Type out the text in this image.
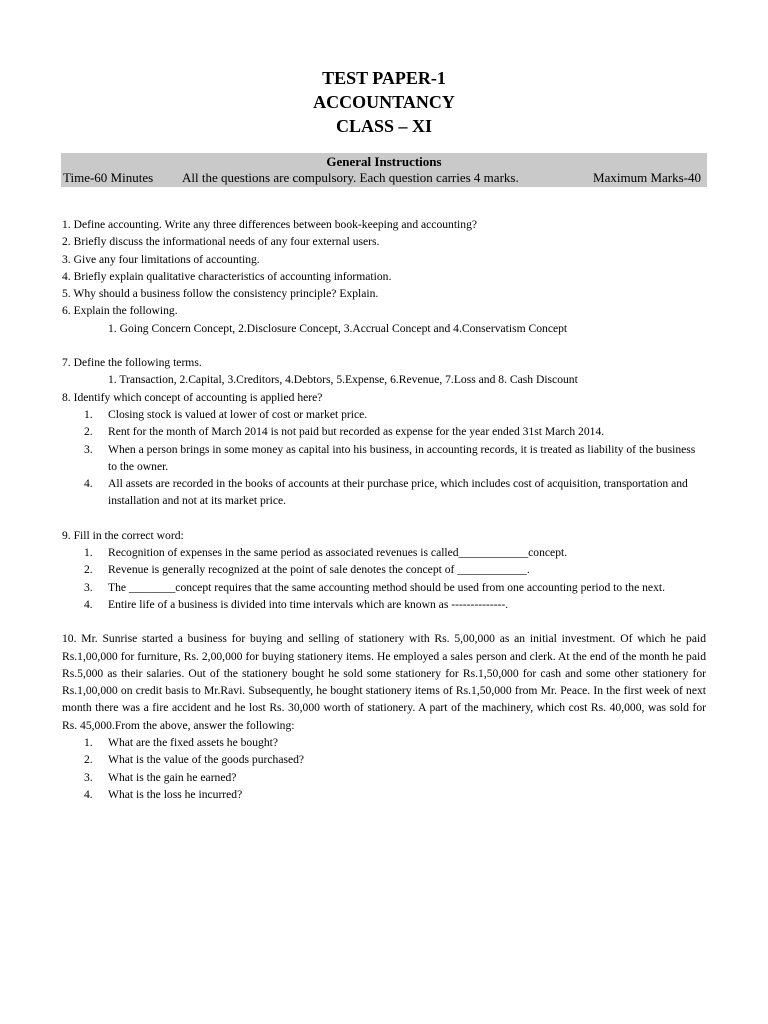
TEST PAPER-1
ACCOUNTANCY
CLASS – XI
General Instructions
Time-60 Minutes All the questions are compulsory. Each question carries 4 marks.	Maximum Marks-40
1. Define accounting. Write any three differences between book-keeping and accounting?
2. Briefly discuss the informational needs of any four external users.
3. Give any four limitations of accounting.
4. Briefly explain qualitative characteristics of accounting information.
5. Why should a business follow the consistency principle? Explain.
6. Explain the following.
1. Going Concern Concept, 2.Disclosure Concept, 3.Accrual Concept and 4.Conservatism Concept
7. Define the following terms.
1. Transaction, 2.Capital, 3.Creditors, 4.Debtors, 5.Expense, 6.Revenue, 7.Loss and 8. Cash Discount
8. Identify which concept of accounting is applied here?
1. Closing stock is valued at lower of cost or market price.
2. Rent for the month of March 2014 is not paid but recorded as expense for the year ended 31st March 2014.
3. When a person brings in some money as capital into his business, in accounting records, it is treated as liability of the business to the owner.
4. All assets are recorded in the books of accounts at their purchase price, which includes cost of acquisition, transportation and installation and not at its market price.
9. Fill in the correct word:
1. Recognition of expenses in the same period as associated revenues is called____________concept.
2. Revenue is generally recognized at the point of sale denotes the concept of ____________.
3. The ________concept requires that the same accounting method should be used from one accounting period to the next.
4. Entire life of a business is divided into time intervals which are known as --------------.
10. Mr. Sunrise started a business for buying and selling of stationery with Rs. 5,00,000 as an initial investment. Of which he paid Rs.1,00,000 for furniture, Rs. 2,00,000 for buying stationery items. He employed a sales person and clerk. At the end of the month he paid Rs.5,000 as their salaries. Out of the stationery bought he sold some stationery for Rs.1,50,000 for cash and some other stationery for Rs.1,00,000 on credit basis to Mr.Ravi. Subsequently, he bought stationery items of Rs.1,50,000 from Mr. Peace. In the first week of next month there was a fire accident and he lost Rs. 30,000 worth of stationery. A part of the machinery, which cost Rs. 40,000, was sold for Rs. 45,000.From the above, answer the following:
1. What are the fixed assets he bought?
2. What is the value of the goods purchased?
3. What is the gain he earned?
4. What is the loss he incurred?
